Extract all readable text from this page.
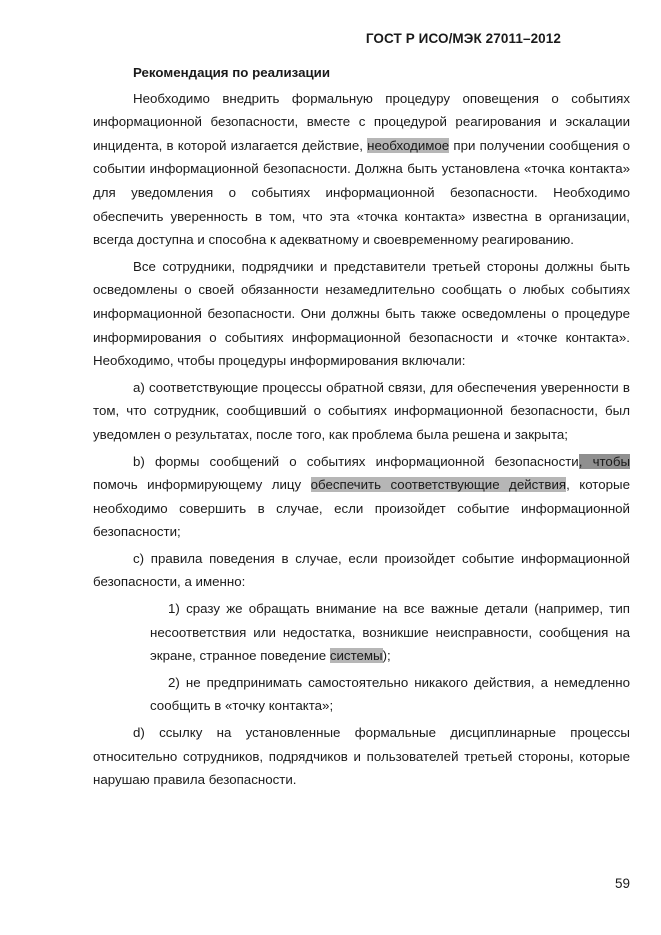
ГОСТ Р ИСО/МЭК 27011–2012

Рекомендация по реализации

Необходимо внедрить формальную процедуру оповещения о событиях информационной безопасности, вместе с процедурой реагирования и эскалации инцидента, в которой излагается действие, необходимое при получении сообщения о событии информационной безопасности. Должна быть установлена «точка контакта» для уведомления о событиях информационной безопасности. Необходимо обеспечить уверенность в том, что эта «точка контакта» известна в организации, всегда доступна и способна к адекватному и своевременному реагированию.

Все сотрудники, подрядчики и представители третьей стороны должны быть осведомлены о своей обязанности незамедлительно сообщать о любых событиях информационной безопасности. Они должны быть также осведомлены о процедуре информирования о событиях информационной безопасности и «точке контакта». Необходимо, чтобы процедуры информирования включали:

a) соответствующие процессы обратной связи, для обеспечения уверенности в том, что сотрудник, сообщивший о событиях информационной безопасности, был уведомлен о результатах, после того, как проблема была решена и закрыта;

b) формы сообщений о событиях информационной безопасности, чтобы помочь информирующему лицу обеспечить соответствующие действия, которые необходимо совершить в случае, если произойдет событие информационной безопасности;

c) правила поведения в случае, если произойдет событие информационной безопасности, а именно:

1) сразу же обращать внимание на все важные детали (например, тип несоответствия или недостатка, возникшие неисправности, сообщения на экране, странное поведение системы);

2) не предпринимать самостоятельно никакого действия, а немедленно сообщить в «точку контакта»;

d) ссылку на установленные формальные дисциплинарные процессы относительно сотрудников, подрядчиков и пользователей третьей стороны, которые нарушаю правила безопасности.

59
